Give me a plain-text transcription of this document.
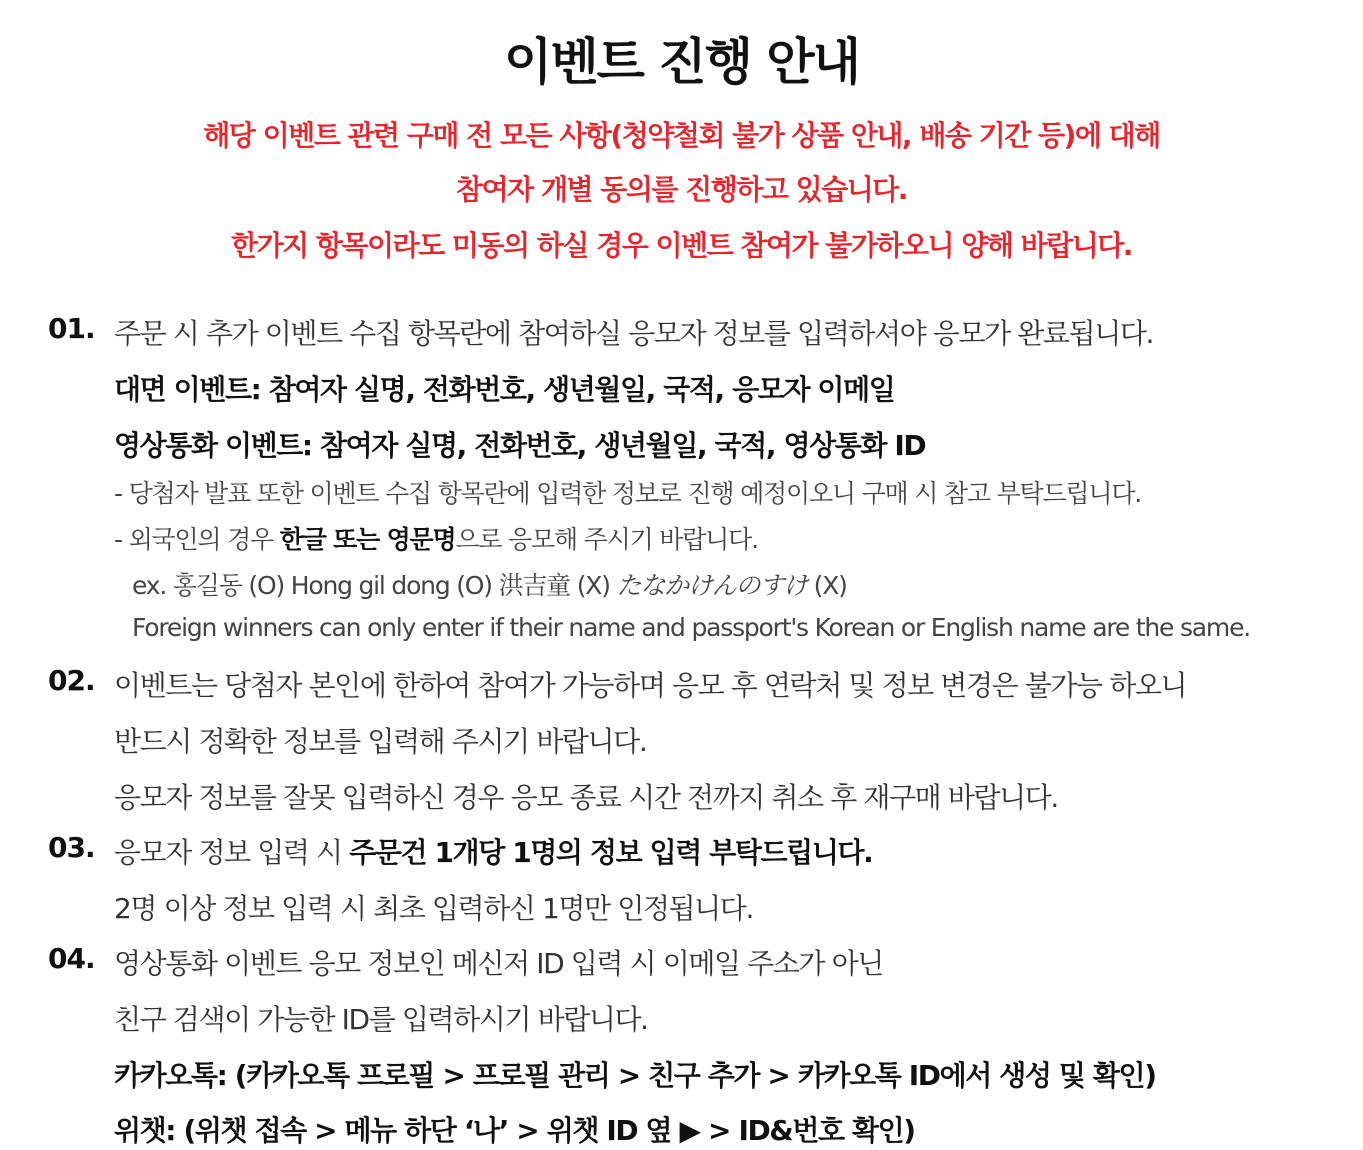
이벤트 진행 안내
해당 이벤트 관련 구매 전 모든 사항(청약철회 불가 상품 안내, 배송 기간 등)에 대해
참여자 개별 동의를 진행하고 있습니다.
한가지 항목이라도 미동의 하실 경우 이벤트 참여가 불가하오니 양해 바랍니다.
01. 주문 시 추가 이벤트 수집 항목란에 참여하실 응모자 정보를 입력하셔야 응모가 완료됩니다.
대면 이벤트: 참여자 실명, 전화번호, 생년월일, 국적, 응모자 이메일
영상통화 이벤트: 참여자 실명, 전화번호, 생년월일, 국적, 영상통화 ID
- 당첨자 발표 또한 이벤트 수집 항목란에 입력한 정보로 진행 예정이오니 구매 시 참고 부탁드립니다.
- 외국인의 경우 한글 또는 영문명으로 응모해 주시기 바랍니다.
ex. 홍길동 (O) Hong gil dong (O) 洪吉童 (X) たなかけんのすけ (X)
Foreign winners can only enter if their name and passport's Korean or English name are the same.
02. 이벤트는 당첨자 본인에 한하여 참여가 가능하며 응모 후 연락처 및 정보 변경은 불가능 하오니
반드시 정확한 정보를 입력해 주시기 바랍니다.
응모자 정보를 잘못 입력하신 경우 응모 종료 시간 전까지 취소 후 재구매 바랍니다.
03. 응모자 정보 입력 시 주문건 1개당 1명의 정보 입력 부탁드립니다.
2명 이상 정보 입력 시 최초 입력하신 1명만 인정됩니다.
04. 영상통화 이벤트 응모 정보인 메신저 ID 입력 시 이메일 주소가 아닌
친구 검색이 가능한 ID를 입력하시기 바랍니다.
카카오톡: (카카오톡 프로필 > 프로필 관리 > 친구 추가 > 카카오톡 ID에서 생성 및 확인)
위챗: (위챗 접속 > 메뉴 하단 ‘나’ > 위챗 ID 옆 ▶ > ID&번호 확인)
